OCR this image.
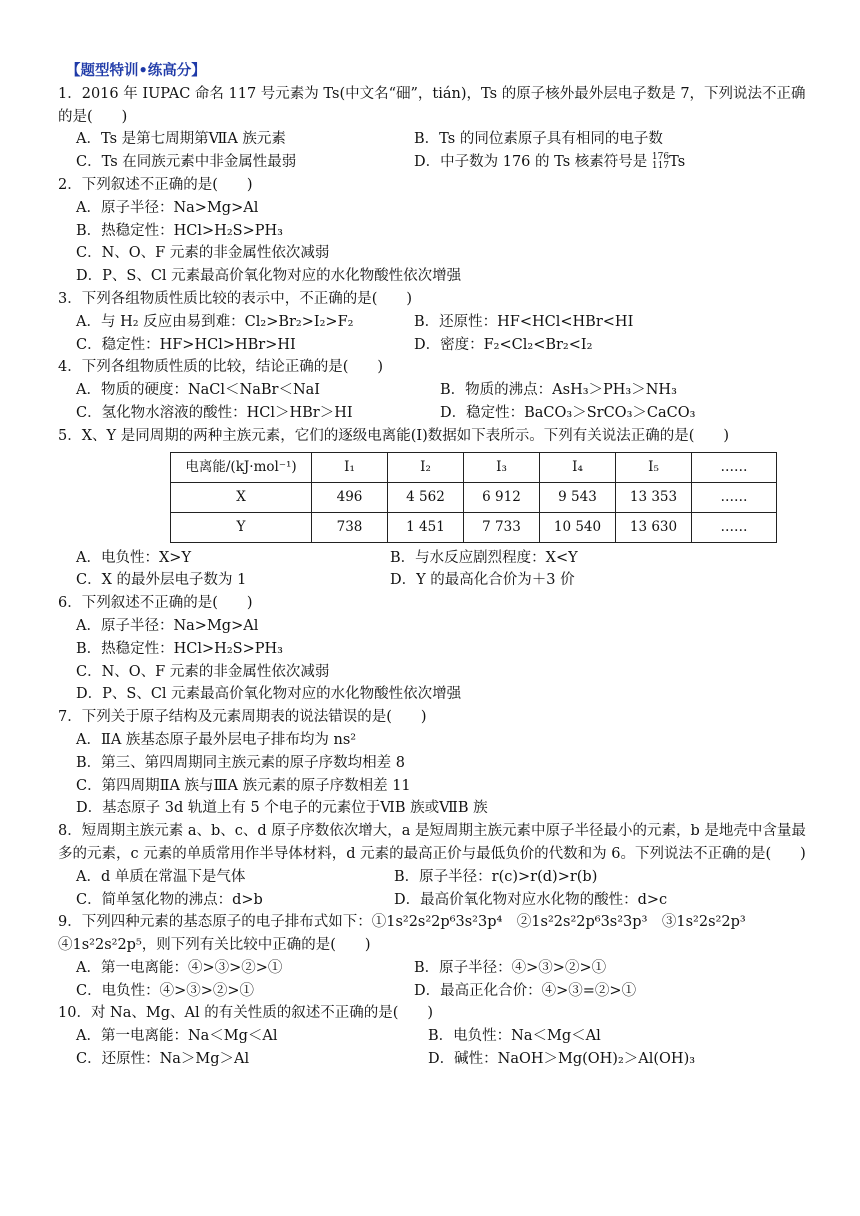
【题型特训•练高分】
1．2016 年 IUPAC 命名 117 号元素为 Ts(中文名“鿬”，tián)，Ts 的原子核外最外层电子数是 7，下列说法不正确的是(　　)
A．Ts 是第七周期第ⅦA 族元素	B．Ts 的同位素原子具有相同的电子数
C．Ts 在同族元素中非金属性最弱	D．中子数为 176 的 Ts 核素符号是 176
117Ts
2．下列叙述不正确的是(　　)
A．原子半径：Na>Mg>Al
B．热稳定性：HCl>H₂S>PH₃
C．N、O、F 元素的非金属性依次减弱
D．P、S、Cl 元素最高价氧化物对应的水化物酸性依次增强
3．下列各组物质性质比较的表示中，不正确的是(　　)
A．与 H₂ 反应由易到难：Cl₂>Br₂>I₂>F₂	B．还原性：HF<HCl<HBr<HI
C．稳定性：HF>HCl>HBr>HI	D．密度：F₂<Cl₂<Br₂<I₂
4．下列各组物质性质的比较，结论正确的是(　　)
A．物质的硬度：NaCl＜NaBr＜NaI	B．物质的沸点：AsH₃＞PH₃＞NH₃
C．氢化物水溶液的酸性：HCl＞HBr＞HI	D．稳定性：BaCO₃＞SrCO₃＞CaCO₃
5．X、Y 是同周期的两种主族元素，它们的逐级电离能(I)数据如下表所示。下列有关说法正确的是(　　)
电离能/(kJ·mol⁻¹)	I₁	I₂	I₃	I₄	I₅	……
X	496	4 562	6 912	9 543	13 353	……
Y	738	1 451	7 733	10 540	13 630	……
A．电负性：X>Y	B．与水反应剧烈程度：X<Y
C．X 的最外层电子数为 1	D．Y 的最高化合价为＋3 价
6．下列叙述不正确的是(　　)
A．原子半径：Na>Mg>Al
B．热稳定性：HCl>H₂S>PH₃
C．N、O、F 元素的非金属性依次减弱
D．P、S、Cl 元素最高价氧化物对应的水化物酸性依次增强
7．下列关于原子结构及元素周期表的说法错误的是(　　)
A．ⅡA 族基态原子最外层电子排布均为 ns²
B．第三、第四周期同主族元素的原子序数均相差 8
C．第四周期ⅡA 族与ⅢA 族元素的原子序数相差 11
D．基态原子 3d 轨道上有 5 个电子的元素位于ⅥB 族或ⅦB 族
8．短周期主族元素 a、b、c、d 原子序数依次增大，a 是短周期主族元素中原子半径最小的元素，b 是地壳中含量最多的元素，c 元素的单质常用作半导体材料，d 元素的最高正价与最低负价的代数和为 6。下列说法不正确的是(　　)
A．d 单质在常温下是气体	B．原子半径：r(c)>r(d)>r(b)
C．简单氢化物的沸点：d>b	D．最高价氧化物对应水化物的酸性：d>c
9．下列四种元素的基态原子的电子排布式如下：①1s²2s²2p⁶3s²3p⁴　②1s²2s²2p⁶3s²3p³　③1s²2s²2p³　④1s²2s²2p⁵，则下列有关比较中正确的是(　　)
A．第一电离能：④>③>②>①	B．原子半径：④>③>②>①
C．电负性：④>③>②>①	D．最高正化合价：④>③=②>①
10．对 Na、Mg、Al 的有关性质的叙述不正确的是(　　)
A．第一电离能：Na＜Mg＜Al	B．电负性：Na＜Mg＜Al
C．还原性：Na＞Mg＞Al	D．碱性：NaOH＞Mg(OH)₂＞Al(OH)₃
